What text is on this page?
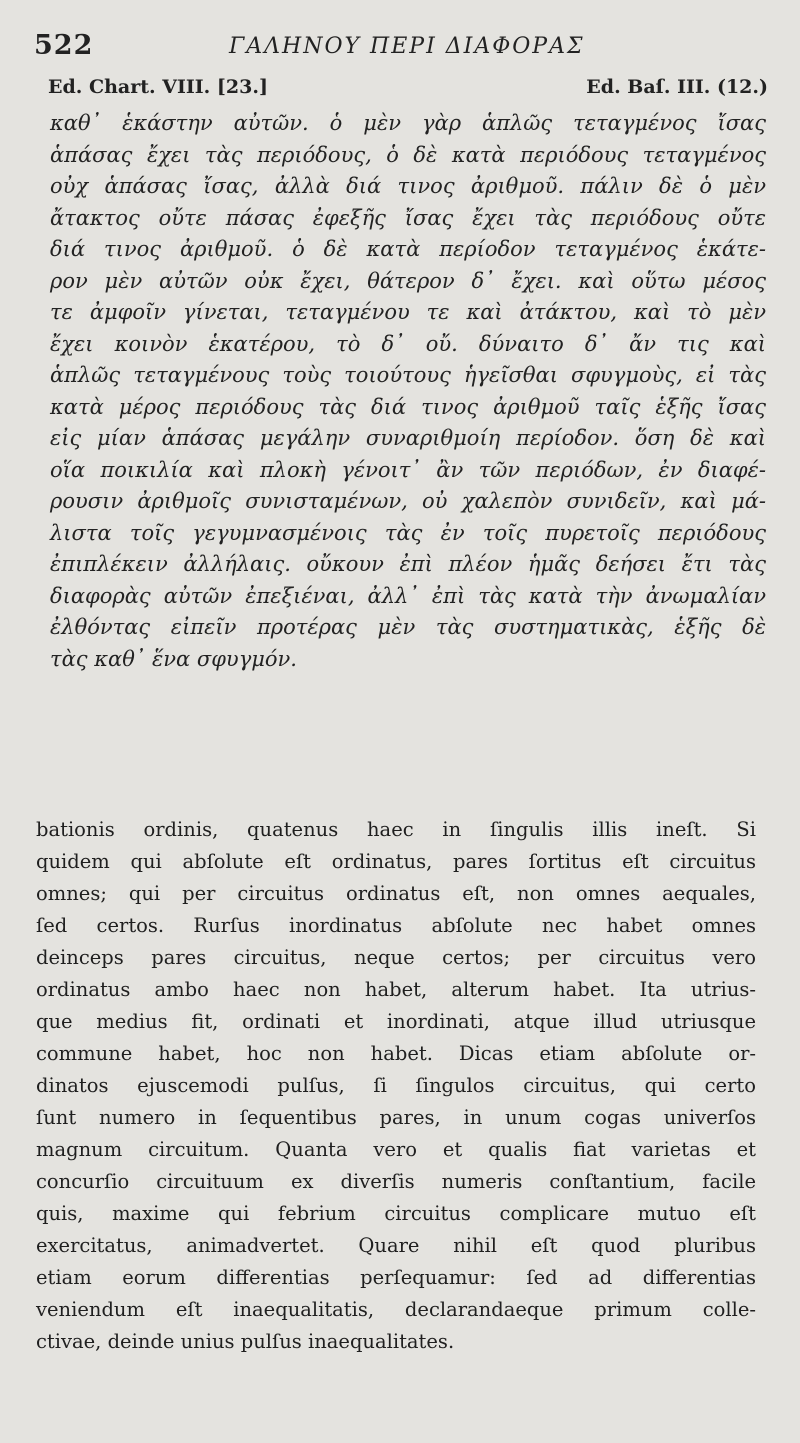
522	ΓΑΛΗΝΟΥ ΠΕΡΙ ΔΙΑΦΟΡΑΣ
Ed. Chart. VIII. [23.]	Ed. Baſ. III. (12.)
καθ᾽ ἑκάστην αὐτῶν. ὁ μὲν γὰρ ἁπλῶς τεταγμένος ἴσας
ἁπάσας ἔχει τὰς περιόδους, ὁ δὲ κατὰ περιόδους τεταγμένος
οὐχ ἁπάσας ἴσας, ἀλλὰ διά τινος ἀριθμοῦ. πάλιν δὲ ὁ μὲν
ἄτακτος οὔτε πάσας ἐφεξῆς ἴσας ἔχει τὰς περιόδους οὔτε
διά τινος ἀριθμοῦ. ὁ δὲ κατὰ περίοδον τεταγμένος ἑκάτε-
ρον μὲν αὐτῶν οὐκ ἔχει, θάτερον δ᾽ ἔχει. καὶ οὕτω μέσος
τε ἀμφοῖν γίνεται, τεταγμένου τε καὶ ἀτάκτου, καὶ τὸ μὲν
ἔχει κοινὸν ἑκατέρου, τὸ δ᾽ οὔ. δύναιτο δ᾽ ἄν τις καὶ
ἁπλῶς τεταγμένους τοὺς τοιούτους ἡγεῖσθαι σφυγμοὺς, εἰ τὰς
κατὰ μέρος περιόδους τὰς διά τινος ἀριθμοῦ ταῖς ἑξῆς ἴσας
εἰς μίαν ἁπάσας μεγάλην συναριθμοίη περίοδον. ὅση δὲ καὶ
οἵα ποικιλία καὶ πλοκὴ γένοιτ᾽ ἂν τῶν περιόδων, ἐν διαφέ-
ρουσιν ἀριθμοῖς συνισταμένων, οὐ χαλεπὸν συνιδεῖν, καὶ μά-
λιστα τοῖς γεγυμνασμένοις τὰς ἐν τοῖς πυρετοῖς περιόδους
ἐπιπλέκειν ἀλλήλαις. οὔκουν ἐπὶ πλέον ἡμᾶς δεήσει ἔτι τὰς
διαφορὰς αὐτῶν ἐπεξιέναι, ἀλλ᾽ ἐπὶ τὰς κατὰ τὴν ἀνωμαλίαν
ἐλθόντας εἰπεῖν προτέρας μὲν τὰς συστηματικὰς, ἑξῆς δὲ
τὰς καθ᾽ ἕνα σφυγμόν.
bationis ordinis, quatenus haec in ſingulis illis ineſt. Si
quidem qui abſolute eſt ordinatus, pares ſortitus eſt circuitus
omnes; qui per circuitus ordinatus eſt, non omnes aequales,
ſed certos. Rurſus inordinatus abſolute nec habet omnes
deinceps pares circuitus, neque certos; per circuitus vero
ordinatus ambo haec non habet, alterum habet. Ita utrius-
que medius fit, ordinati et inordinati, atque illud utriusque
commune habet, hoc non habet. Dicas etiam abſolute or-
dinatos ejuscemodi pulſus, ſi ſingulos circuitus, qui certo
ſunt numero in ſequentibus pares, in unum cogas univerſos
magnum circuitum. Quanta vero et qualis fiat varietas et
concurſio circuituum ex diverſis numeris conſtantium, facile
quis, maxime qui febrium circuitus complicare mutuo eſt
exercitatus, animadvertet. Quare nihil eſt quod pluribus
etiam eorum differentias perſequamur: ſed ad differentias
veniendum eſt inaequalitatis, declarandaeque primum colle-
ctivae, deinde unius pulſus inaequalitates.
